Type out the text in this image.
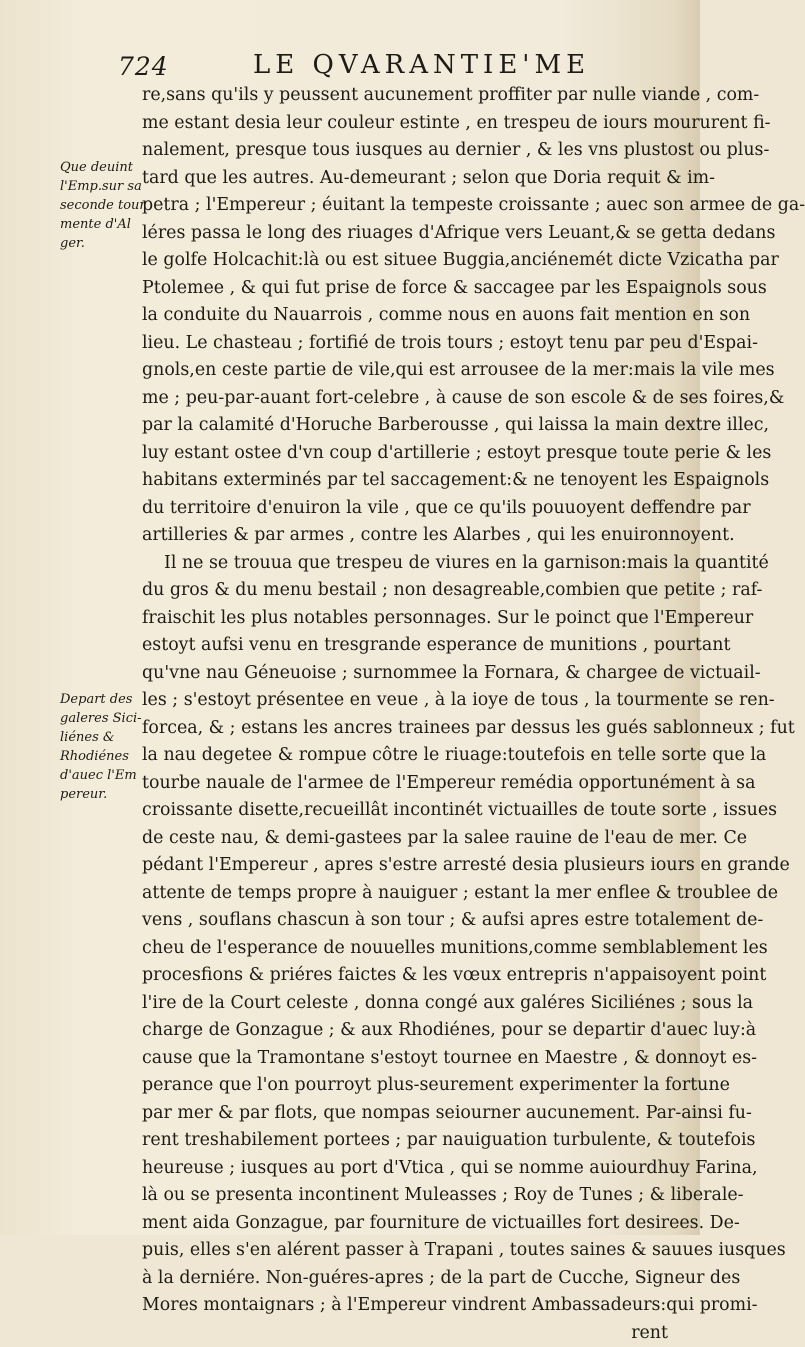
724	LE QVARANTIE'ME
Que deuint
l'Emp.sur sa
seconde tour
mente d'Al
ger.
Depart des
galeres Sici-
liénes &
Rhodiénes
d'auec l'Em
pereur.
re,sans qu'ils y peussent aucunement proffiter par nulle viande , com-
me estant desia leur couleur estinte , en trespeu de iours moururent fi-
nalement, presque tous iusques au dernier , & les vns plustost ou plus-
tard que les autres. Au-demeurant ; selon que Doria requit & im-
petra ; l'Empereur ; éuitant la tempeste croissante ; auec son armee de ga-
léres passa le long des riuages d'Afrique vers Leuant,& se getta dedans
le golfe Holcachit:là ou est situee Buggia,anciénemét dicte Vzicatha par
Ptolemee , & qui fut prise de force & saccagee par les Espaignols sous
la conduite du Nauarrois , comme nous en auons fait mention en son
lieu. Le chasteau ; fortifié de trois tours ; estoyt tenu par peu d'Espai-
gnols,en ceste partie de vile,qui est arrousee de la mer:mais la vile mes
me ; peu-par-auant fort-celebre , à cause de son escole & de ses foires,&
par la calamité d'Horuche Barberousse , qui laissa la main dextre illec,
luy estant ostee d'vn coup d'artillerie ; estoyt presque toute perie & les
habitans exterminés par tel saccagement:& ne tenoyent les Espaignols
du territoire d'enuiron la vile , que ce qu'ils pouuoyent deffendre par
artilleries & par armes , contre les Alarbes , qui les enuironnoyent.
Il ne se trouua que trespeu de viures en la garnison:mais la quantité
du gros & du menu bestail ; non desagreable,combien que petite ; raf-
fraischit les plus notables personnages. Sur le poinct que l'Empereur
estoyt aufsi venu en tresgrande esperance de munitions , pourtant
qu'vne nau Géneuoise ; surnommee la Fornara, & chargee de victuail-
les ; s'estoyt présentee en veue , à la ioye de tous , la tourmente se ren-
forcea, & ; estans les ancres trainees par dessus les gués sablonneux ; fut
la nau degetee & rompue côtre le riuage:toutefois en telle sorte que la
tourbe nauale de l'armee de l'Empereur remédia opportunément à sa
croissante disette,recueillât incontinét victuailles de toute sorte , issues
de ceste nau, & demi-gastees par la salee rauine de l'eau de mer. Ce
pédant l'Empereur , apres s'estre arresté desia plusieurs iours en grande
attente de temps propre à nauiguer ; estant la mer enflee & troublee de
vens , souflans chascun à son tour ; & aufsi apres estre totalement de-
cheu de l'esperance de nouuelles munitions,comme semblablement les
procesfions & priéres faictes & les vœux entrepris n'appaisoyent point
l'ire de la Court celeste , donna congé aux galéres Siciliénes ; sous la
charge de Gonzague ; & aux Rhodiénes, pour se departir d'auec luy:à
cause que la Tramontane s'estoyt tournee en Maestre , & donnoyt es-
perance que l'on pourroyt plus-seurement experimenter la fortune
par mer & par flots, que nompas seiourner aucunement. Par-ainsi fu-
rent treshabilement portees ; par nauiguation turbulente, & toutefois
heureuse ; iusques au port d'Vtica , qui se nomme auiourdhuy Farina,
là ou se presenta incontinent Muleasses ; Roy de Tunes ; & liberale-
ment aida Gonzague, par fourniture de victuailles fort desirees. De-
puis, elles s'en alérent passer à Trapani , toutes saines & sauues iusques
à la derniére. Non-guéres-apres ; de la part de Cucche, Signeur des
Mores montaignars ; à l'Empereur vindrent Ambassadeurs:qui promi-
rent
